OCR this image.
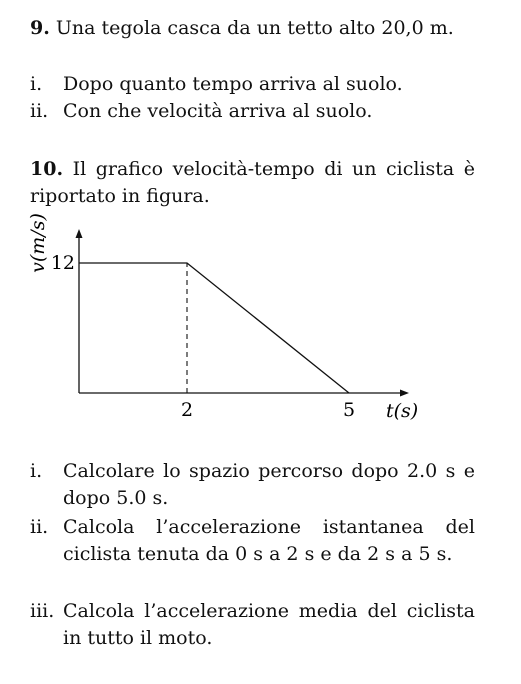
9. Una tegola casca da un tetto alto 20,0 m.
i. Dopo quanto tempo arriva al suolo.
ii. Con che velocità arriva al suolo.
10. Il grafico velocità-tempo di un ciclista è riportato in figura.
2	5
12
t(s)
v(m/s)
i. Calcolare lo spazio percorso dopo 2.0 s e dopo 5.0 s.
ii. Calcola l’accelerazione istantanea del ciclista tenuta da 0 s a 2 s e da 2 s a 5 s.
iii. Calcola l’accelerazione media del ciclista in tutto il moto.
